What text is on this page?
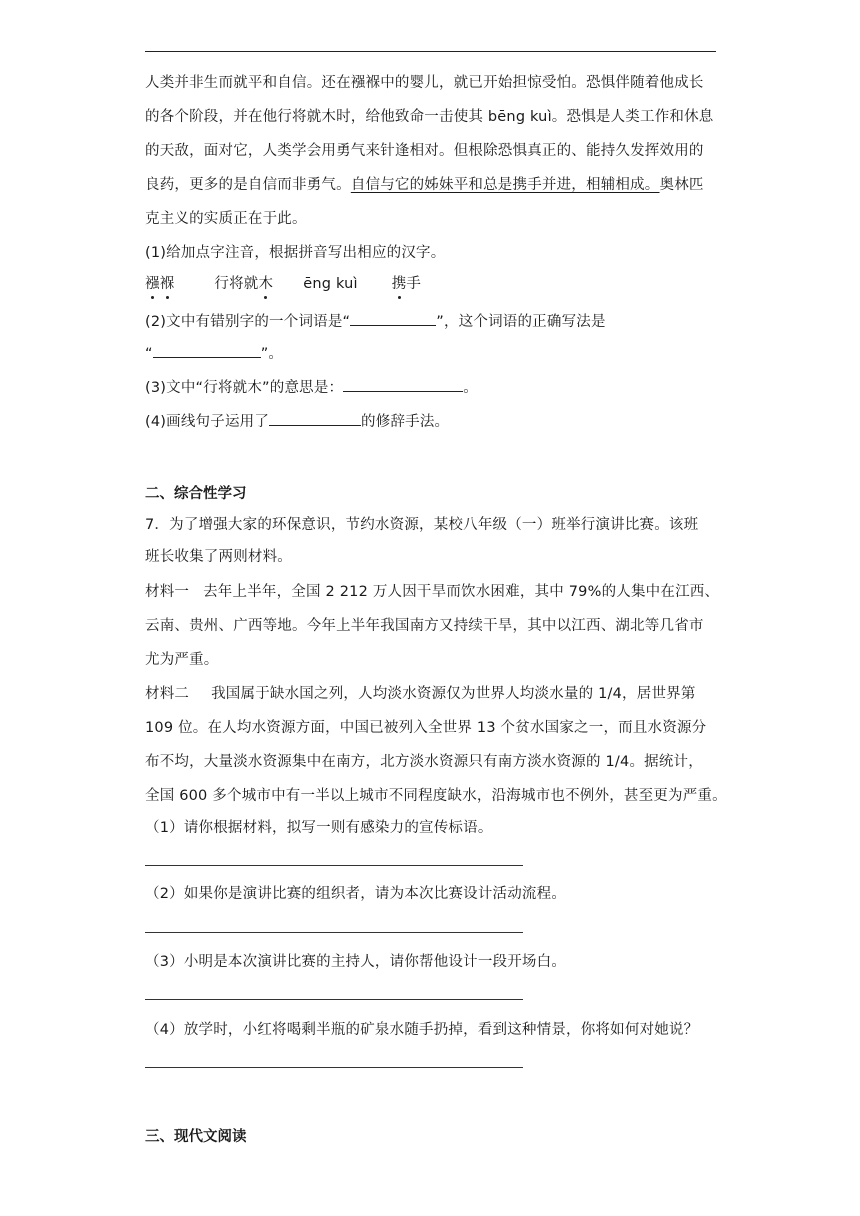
人类并非生而就平和自信。还在襁褓中的婴儿，就已开始担惊受怕。恐惧伴随着他成长
的各个阶段，并在他行将就木时，给他致命一击使其 bēng kuì。恐惧是人类工作和休息
的天敌，面对它，人类学会用勇气来针逢相对。但根除恐惧真正的、能持久发挥效用的
良药，更多的是自信而非勇气。自信与它的姊妹平和总是携手并进，相辅相成。奥林匹
克主义的实质正在于此。
(1)给加点字注音，根据拼音写出相应的汉字。
襁褓	行将就木 ēng kuì 携手
(2)文中有错别字的一个词语是“	”，这个词语的正确写法是
“	”。
(3)文中“行将就木”的意思是：	。
(4)画线句子运用了	的修辞手法。
二、综合性学习
7．为了增强大家的环保意识，节约水资源，某校八年级（一）班举行演讲比赛。该班
班长收集了两则材料。
材料一 去年上半年，全国 2 212 万人因干旱而饮水困难，其中 79%的人集中在江西、
云南、贵州、广西等地。今年上半年我国南方又持续干旱，其中以江西、湖北等几省市
尤为严重。
材料二 我国属于缺水国之列，人均淡水资源仅为世界人均淡水量的 1/4，居世界第
109 位。在人均水资源方面，中国已被列入全世界 13 个贫水国家之一，而且水资源分
布不均，大量淡水资源集中在南方，北方淡水资源只有南方淡水资源的 1/4。据统计，
全国 600 多个城市中有一半以上城市不同程度缺水，沿海城市也不例外，甚至更为严重。
（1）请你根据材料，拟写一则有感染力的宣传标语。
（2）如果你是演讲比赛的组织者，请为本次比赛设计活动流程。
（3）小明是本次演讲比赛的主持人，请你帮他设计一段开场白。
（4）放学时，小红将喝剩半瓶的矿泉水随手扔掉，看到这种情景，你将如何对她说？
三、现代文阅读
